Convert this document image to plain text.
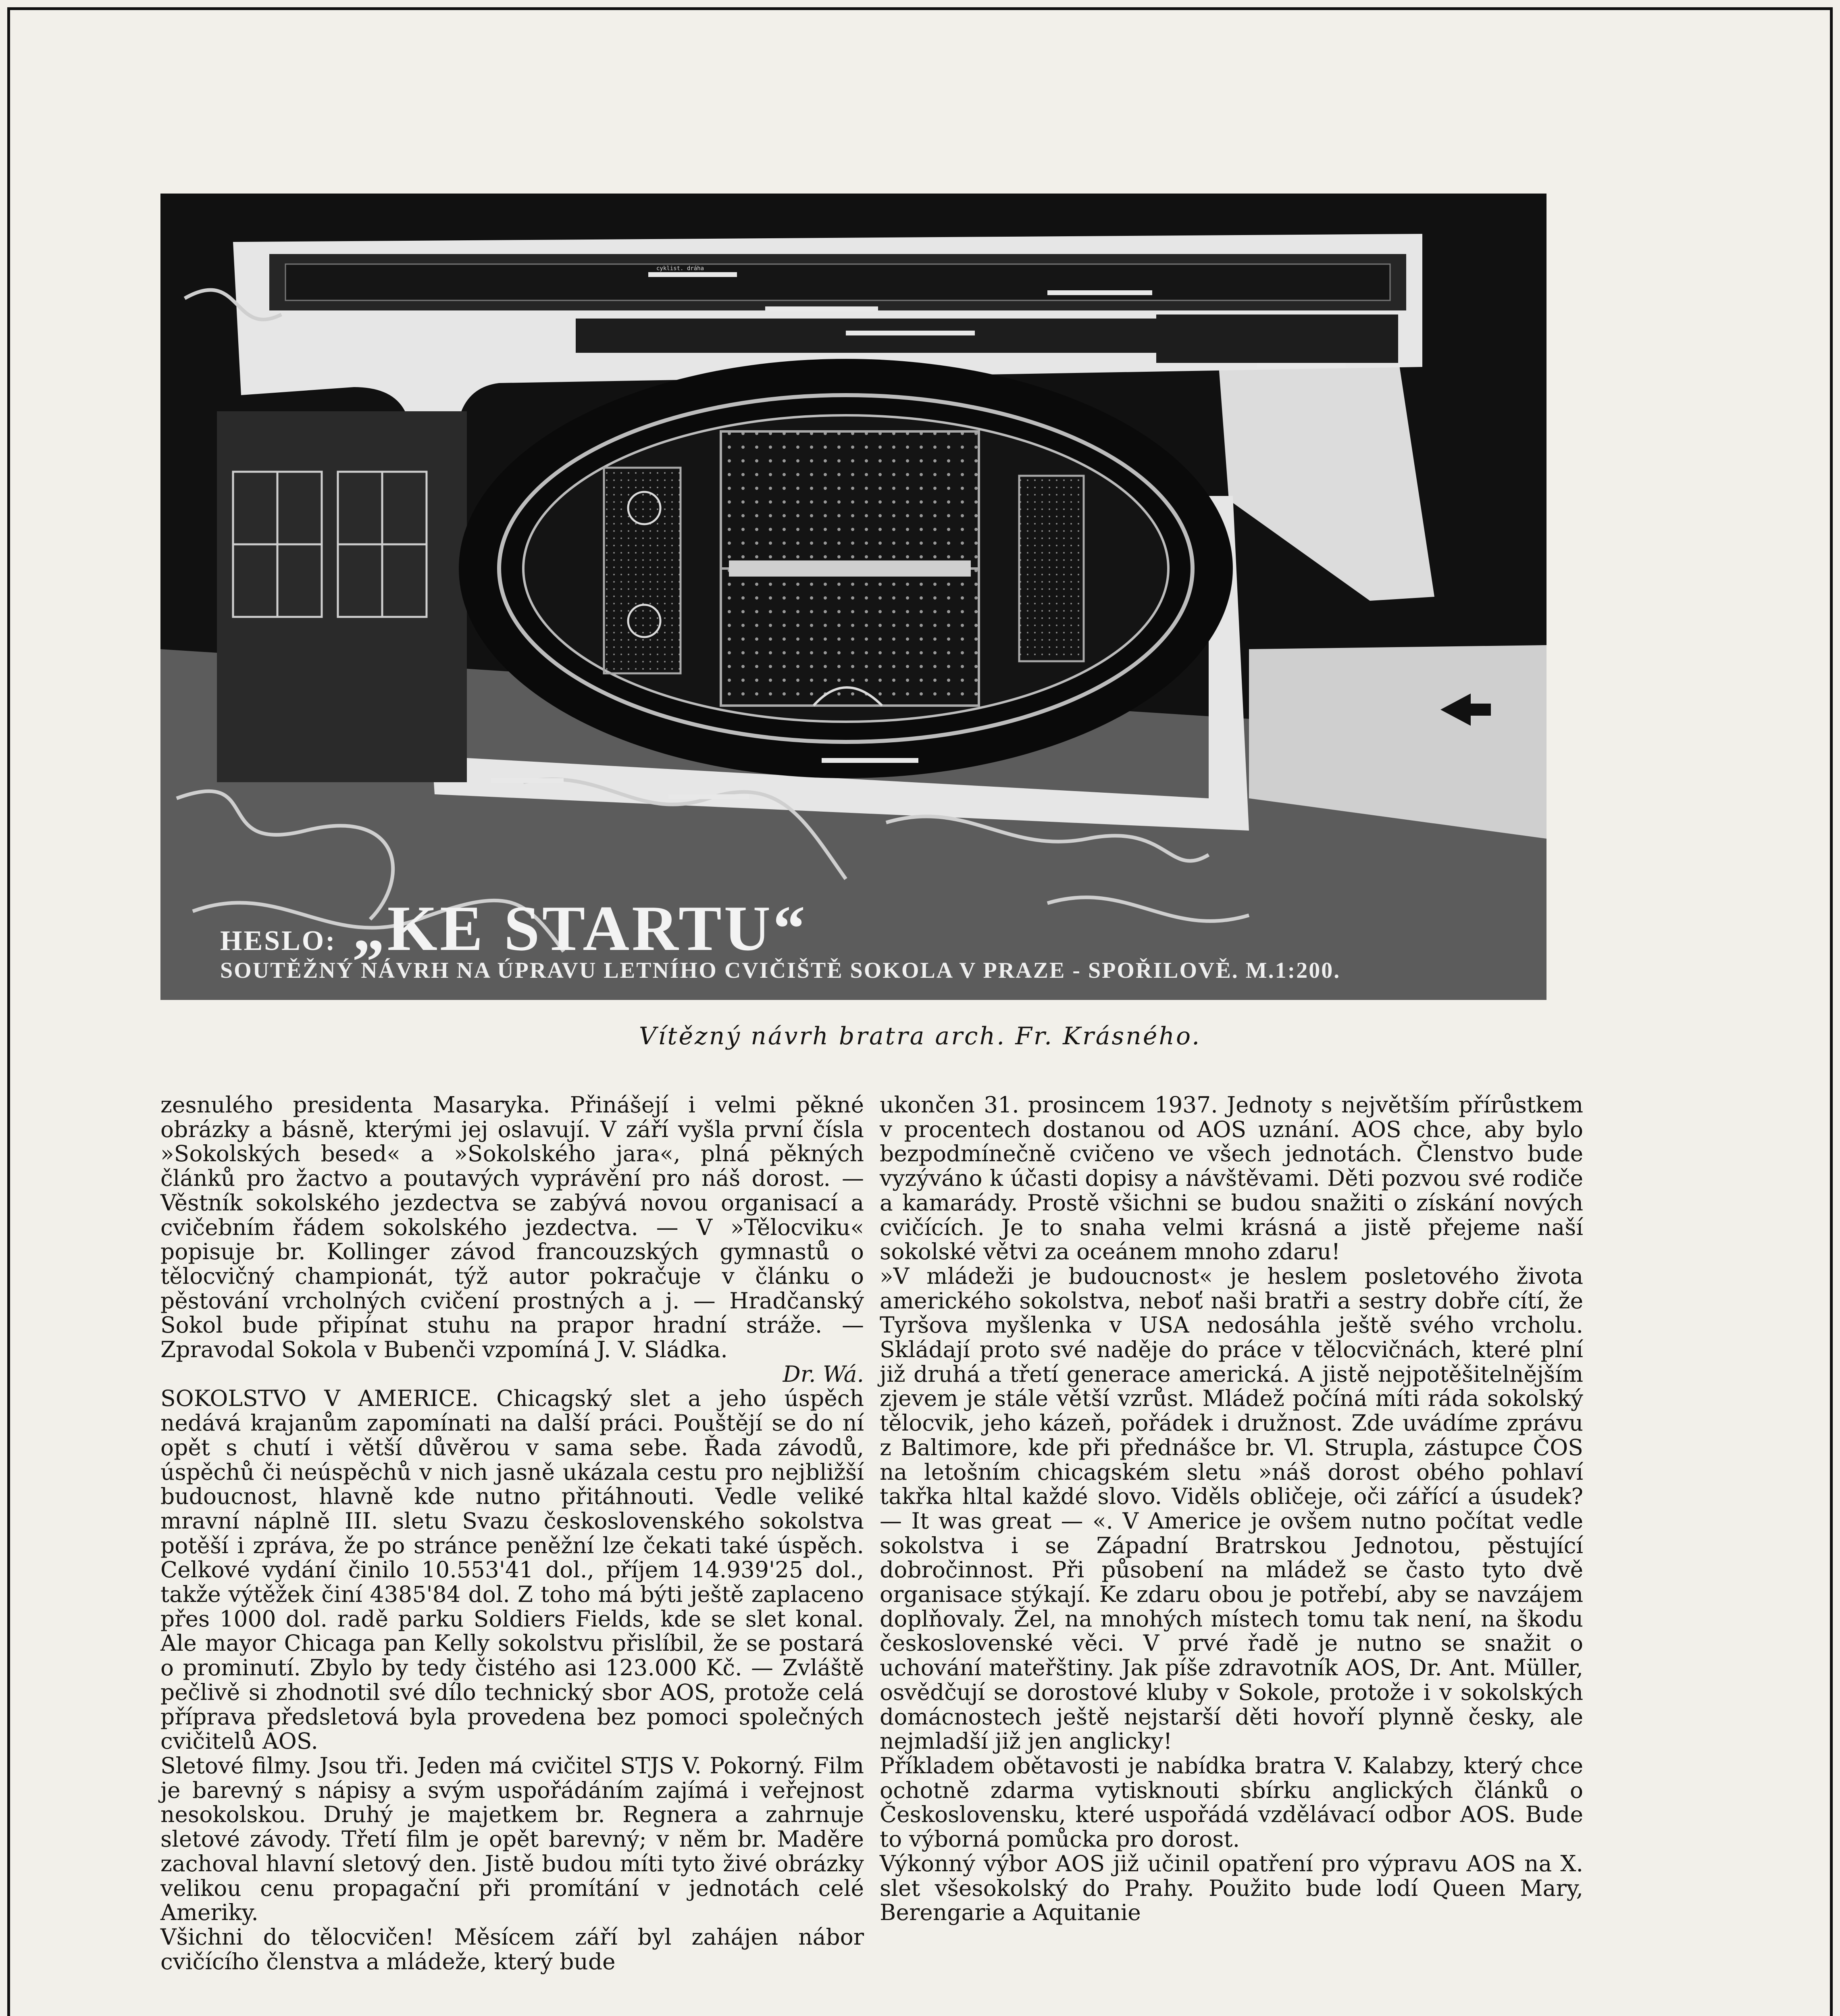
cyklist. dráha
HESLO: „KE STARTU“
SOUTĚŽNÝ NÁVRH NA ÚPRAVU LETNÍHO CVIČIŠTĚ SOKOLA V PRAZE - SPOŘILOVĚ. M.1:200.
Vítězný návrh bratra arch. Fr. Krásného.

zesnulého presidenta Masaryka. Přinášejí i velmi pěkné obrázky a básně, kterými jej oslavují. V září vyšla první čísla »Sokolských besed« a »Sokolského jara«, plná pěkných článků pro žactvo a poutavých vyprávění pro náš dorost. — Věstník sokolského jezdectva se zabývá novou organisací a cvičebním řádem sokolského jezdectva. — V »Tělocviku« popisuje br. Kollinger závod francouzských gymnastů o tělocvičný championát, týž autor pokračuje v článku o pěstování vrcholných cvičení prostných a j. — Hradčanský Sokol bude připínat stuhu na prapor hradní stráže. — Zpravodal Sokola v Bubenči vzpomíná J. V. Sládka.

Dr. Wá.

SOKOLSTVO V AMERICE. Chicagský slet a jeho úspěch nedává krajanům zapomínati na další práci. Pouštějí se do ní opět s chutí i větší důvěrou v sama sebe. Řada závodů, úspěchů či neúspěchů v nich jasně ukázala cestu pro nejbližší budoucnost, hlavně kde nutno přitáhnouti. Vedle veliké mravní náplně III. sletu Svazu československého sokolstva potěší i zpráva, že po stránce peněžní lze čekati také úspěch. Celkové vydání činilo 10.553'41 dol., příjem 14.939'25 dol., takže výtěžek činí 4385'84 dol. Z toho má býti ještě zaplaceno přes 1000 dol. radě parku Soldiers Fields, kde se slet konal. Ale mayor Chicaga pan Kelly sokolstvu přislíbil, že se postará o prominutí. Zbylo by tedy čistého asi 123.000 Kč. — Zvláště pečlivě si zhodnotil své dílo technický sbor AOS, protože celá příprava předsletová byla provedena bez pomoci společných cvičitelů AOS.

Sletové filmy. Jsou tři. Jeden má cvičitel STJS V. Pokorný. Film je barevný s nápisy a svým uspořádáním zajímá i veřejnost nesokolskou. Druhý je majetkem br. Regnera a zahrnuje sletové závody. Třetí film je opět barevný; v něm br. Maděre zachoval hlavní sletový den. Jistě budou míti tyto živé obrázky velikou cenu propagační při promítání v jednotách celé Ameriky.

Všichni do tělocvičen! Měsícem září byl zahájen nábor cvičícího členstva a mládeže, který bude

ukončen 31. prosincem 1937. Jednoty s největším přírůstkem v procentech dostanou od AOS uznání. AOS chce, aby bylo bezpodmínečně cvičeno ve všech jednotách. Členstvo bude vyzýváno k účasti dopisy a návštěvami. Děti pozvou své rodiče a kamarády. Prostě všichni se budou snažiti o získání nových cvičících. Je to snaha velmi krásná a jistě přejeme naší sokolské větvi za oceánem mnoho zdaru!

»V mládeži je budoucnost« je heslem posletového života amerického sokolstva, neboť naši bratři a sestry dobře cítí, že Tyršova myšlenka v USA nedosáhla ještě svého vrcholu. Skládají proto své naděje do práce v tělocvičnách, které plní již druhá a třetí generace americká. A jistě nejpotěšitelnějším zjevem je stále větší vzrůst. Mládež počíná míti ráda sokolský tělocvik, jeho kázeň, pořádek i družnost. Zde uvádíme zprávu z Baltimore, kde při přednášce br. Vl. Strupla, zástupce ČOS na letošním chicagském sletu »náš dorost obého pohlaví takřka hltal každé slovo. Viděls obličeje, oči zářící a úsudek? — It was great — «. V Americe je ovšem nutno počítat vedle sokolstva i se Západní Bratrskou Jednotou, pěstující dobročinnost. Při působení na mládež se často tyto dvě organisace stýkají. Ke zdaru obou je potřebí, aby se navzájem doplňovaly. Žel, na mnohých místech tomu tak není, na škodu československé věci. V prvé řadě je nutno se snažit o uchování mateřštiny. Jak píše zdravotník AOS, Dr. Ant. Müller, osvědčují se dorostové kluby v Sokole, protože i v sokolských domácnostech ještě nejstarší děti hovoří plynně česky, ale nejmladší již jen anglicky!

Příkladem obětavosti je nabídka bratra V. Kalabzy, který chce ochotně zdarma vytisknouti sbírku anglických článků o Československu, které uspořádá vzdělávací odbor AOS. Bude to výborná pomůcka pro dorost.

Výkonný výbor AOS již učinil opatření pro výpravu AOS na X. slet všesokolský do Prahy. Použito bude lodí Queen Mary, Berengarie a Aquitanie
